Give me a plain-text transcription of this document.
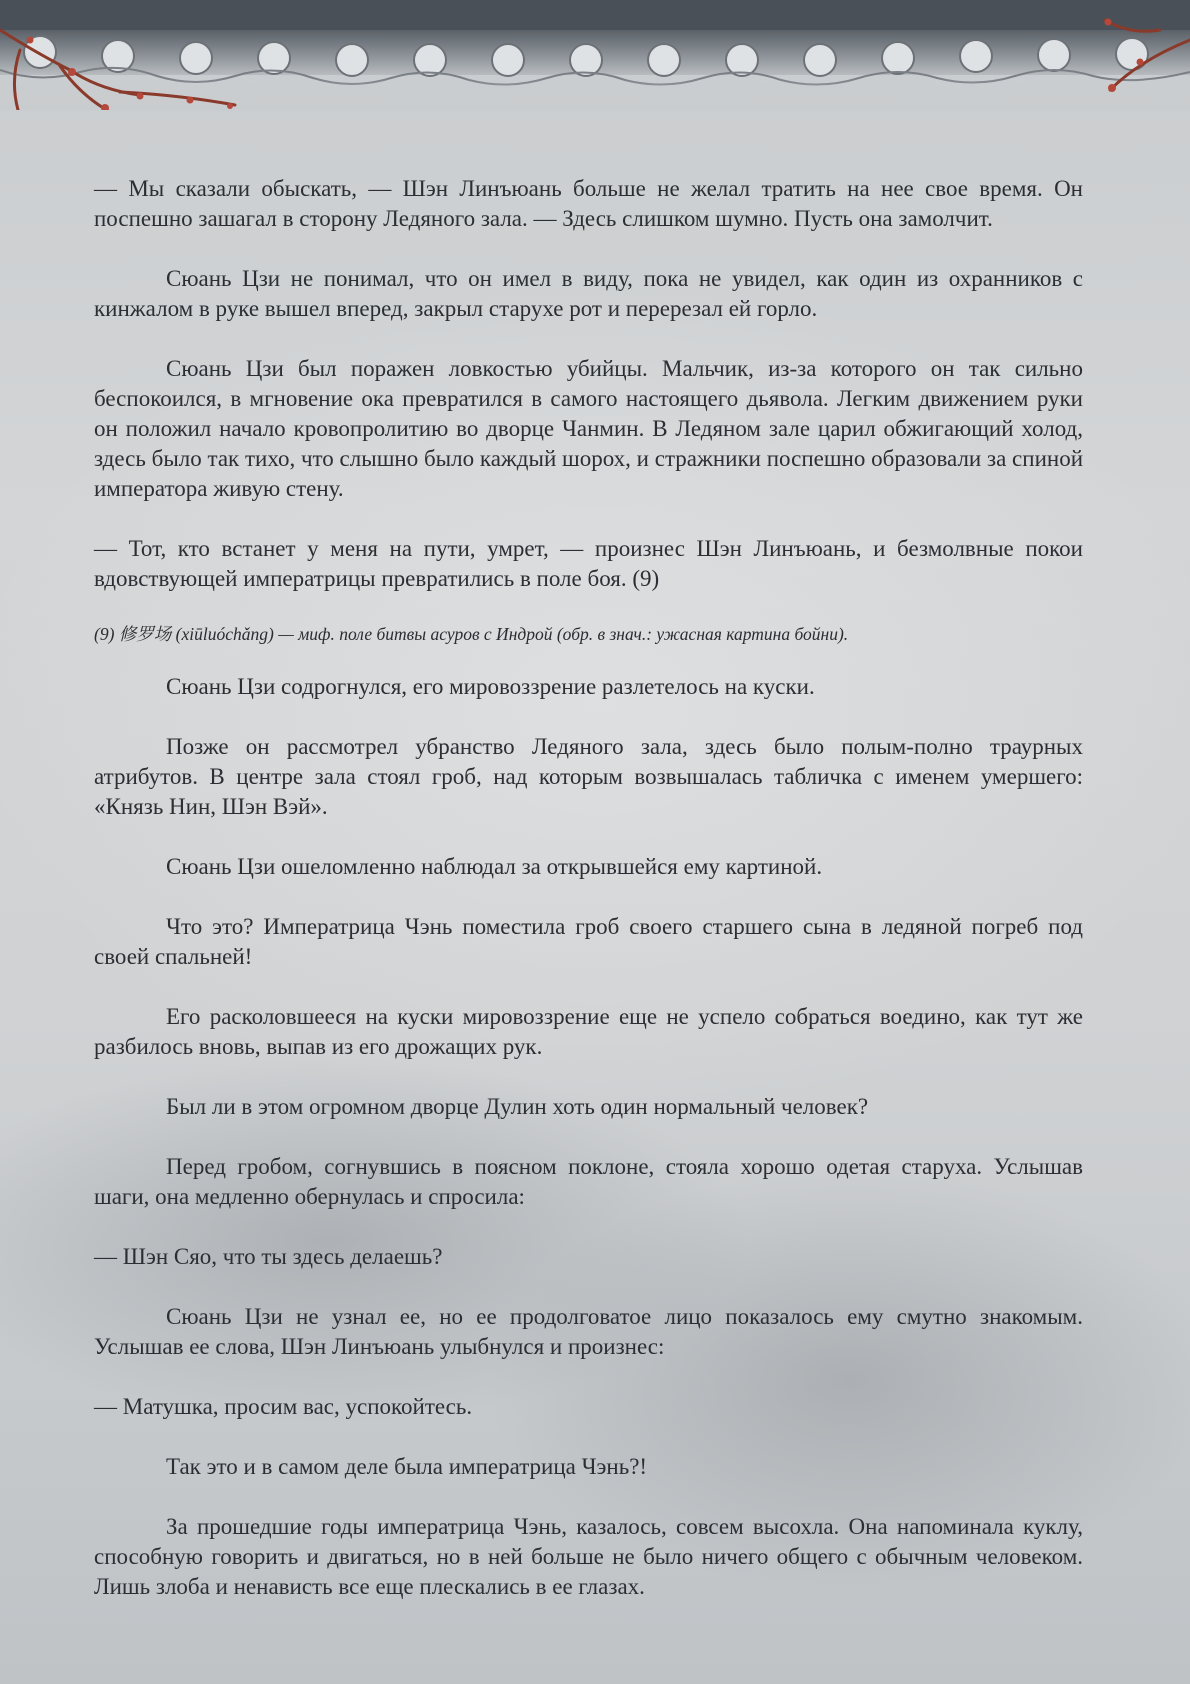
— Мы сказали обыскать, — Шэн Линъюань больше не желал тратить на нее свое время. Он поспешно зашагал в сторону Ледяного зала. — Здесь слишком шумно. Пусть она замолчит.

Сюань Цзи не понимал, что он имел в виду, пока не увидел, как один из охранников с кинжалом в руке вышел вперед, закрыл старухе рот и перерезал ей горло.

Сюань Цзи был поражен ловкостью убийцы. Мальчик, из-за которого он так сильно беспокоился, в мгновение ока превратился в самого настоящего дьявола. Легким движением руки он положил начало кровопролитию во дворце Чанмин. В Ледяном зале царил обжигающий холод, здесь было так тихо, что слышно было каждый шорох, и стражники поспешно образовали за спиной императора живую стену.

— Тот, кто встанет у меня на пути, умрет, — произнес Шэн Линъюань, и безмолвные покои вдовствующей императрицы превратились в поле боя. (9)

(9) 修罗场 (xiūluóchǎng) — миф. поле битвы асуров с Индрой (обр. в знач.: ужасная картина бойни).

Сюань Цзи содрогнулся, его мировоззрение разлетелось на куски.

Позже он рассмотрел убранство Ледяного зала, здесь было полым-полно траурных атрибутов. В центре зала стоял гроб, над которым возвышалась табличка с именем умершего: «Князь Нин, Шэн Вэй».

Сюань Цзи ошеломленно наблюдал за открывшейся ему картиной.

Что это? Императрица Чэнь поместила гроб своего старшего сына в ледяной погреб под своей спальней!

Его расколовшееся на куски мировоззрение еще не успело собраться воедино, как тут же разбилось вновь, выпав из его дрожащих рук.

Был ли в этом огромном дворце Дулин хоть один нормальный человек?

Перед гробом, согнувшись в поясном поклоне, стояла хорошо одетая старуха. Услышав шаги, она медленно обернулась и спросила:

— Шэн Сяо, что ты здесь делаешь?

Сюань Цзи не узнал ее, но ее продолговатое лицо показалось ему смутно знакомым. Услышав ее слова, Шэн Линъюань улыбнулся и произнес:

— Матушка, просим вас, успокойтесь.

Так это и в самом деле была императрица Чэнь?!

За прошедшие годы императрица Чэнь, казалось, совсем высохла. Она напоминала куклу, способную говорить и двигаться, но в ней больше не было ничего общего с обычным человеком. Лишь злоба и ненависть все еще плескались в ее глазах.
